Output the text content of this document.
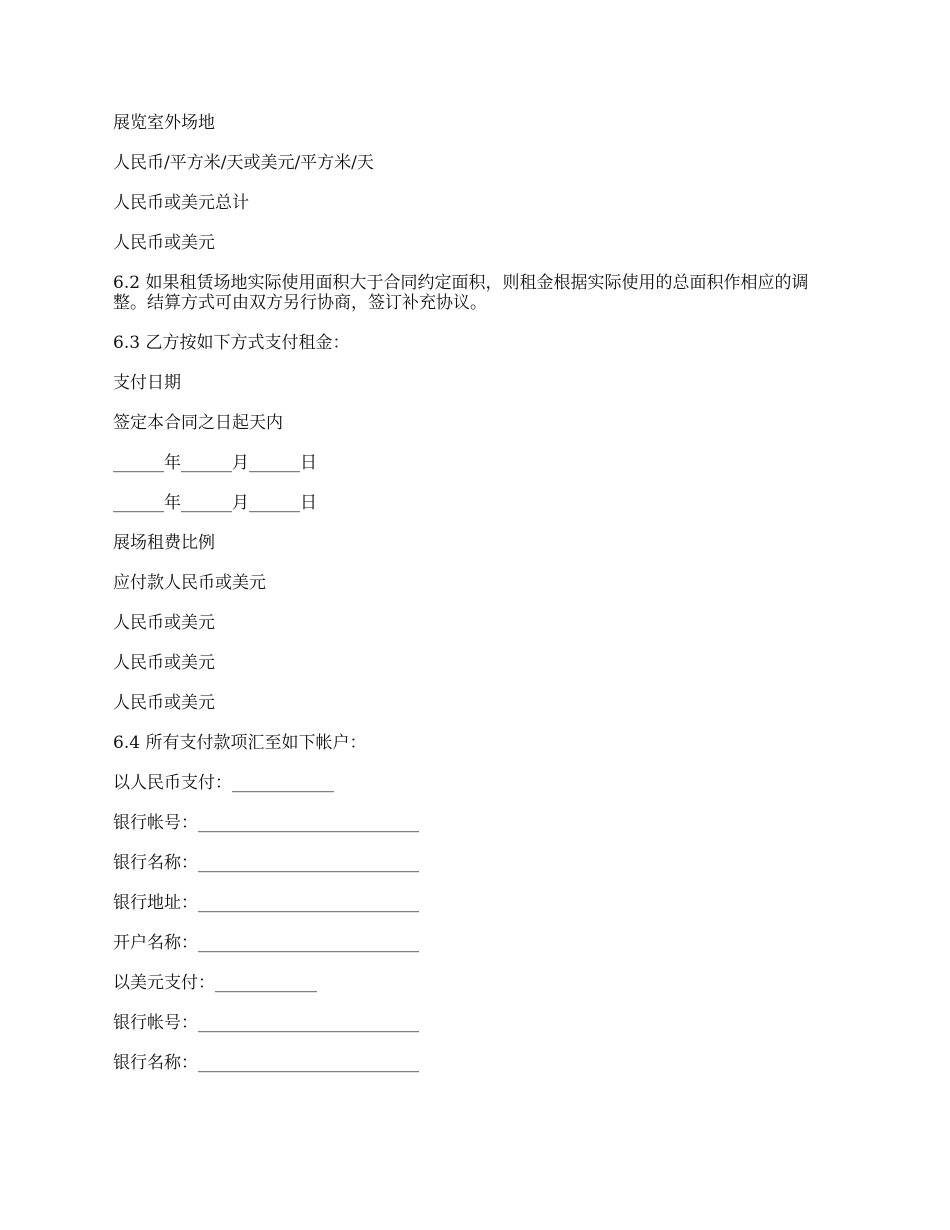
展览室外场地

人民币/平方米/天或美元/平方米/天

人民币或美元总计

人民币或美元

6.2 如果租赁场地实际使用面积大于合同约定面积，则租金根据实际使用的总面积作相应的调整。结算方式可由双方另行协商，签订补充协议。

6.3 乙方按如下方式支付租金：

支付日期

签定本合同之日起天内

______年______月______日

______年______月______日

展场租费比例

应付款人民币或美元

人民币或美元

人民币或美元

人民币或美元

6.4 所有支付款项汇至如下帐户：

以人民币支付：____________

银行帐号：__________________________

银行名称：__________________________

银行地址：__________________________

开户名称：__________________________

以美元支付：____________

银行帐号：__________________________

银行名称：__________________________
